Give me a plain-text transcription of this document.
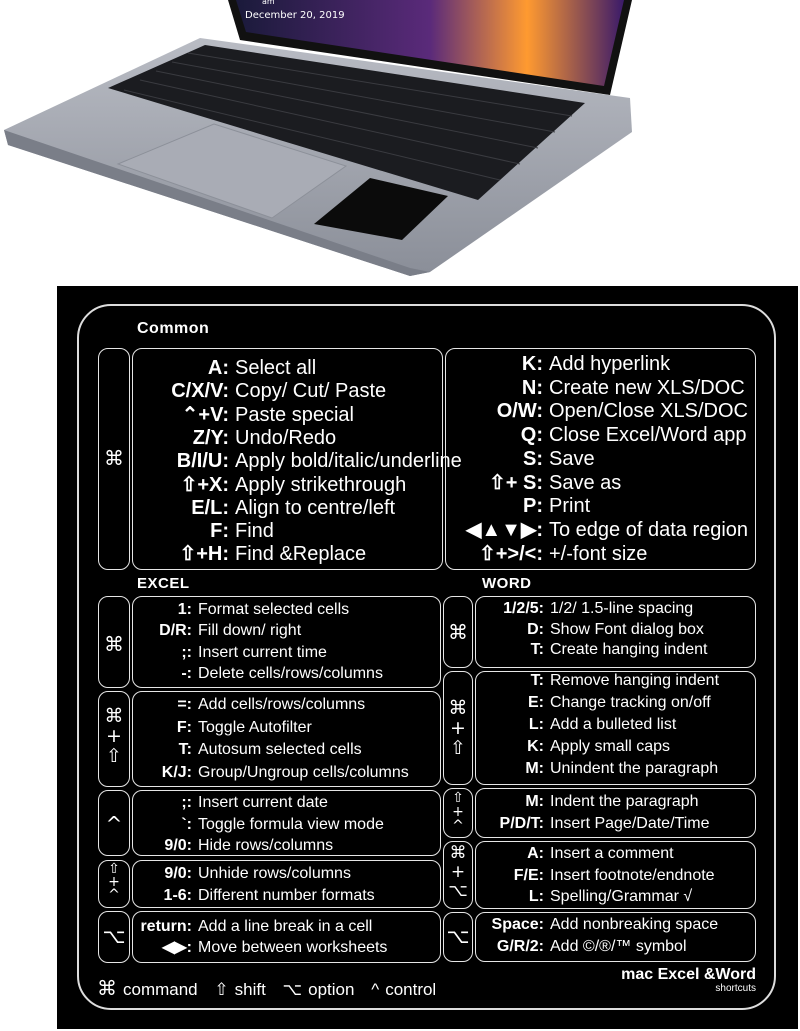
am
December 20, 2019
Common
EXCEL	WORD
⌘
⌘
⌘
+
⇧
^
⇧
+
^
⌥
⌘
⌘
+
⇧
⇧
+
^
⌘
+
⌥
⌥
⌘ command ⇧ shift ⌥ option ^ control
mac Excel &Word
shortcuts
A: Select all
C/X/V: Copy/ Cut/ Paste
⌃+V: Paste special
Z/Y: Undo/Redo
B/I/U: Apply bold/italic/underline
⇧+X: Apply strikethrough
E/L: Align to centre/left
F: Find
⇧+H: Find &Replace
K: Add hyperlink
N: Create new XLS/DOC
O/W: Open/Close XLS/DOC
Q: Close Excel/Word app
S: Save
⇧+ S: Save as
P: Print
◀▲▼▶: To edge of data region
⇧+>/<: +/-font size
1: Format selected cells
D/R: Fill down/ right
;: Insert current time
-: Delete cells/rows/columns
=: Add cells/rows/columns
F: Toggle Autofilter
T: Autosum selected cells
K/J: Group/Ungroup cells/columns
;: Insert current date
`: Toggle formula view mode
9/0: Hide rows/columns
9/0: Unhide rows/columns
1-6: Different number formats
return: Add a line break in a cell
◀▶: Move between worksheets
1/2/5: 1/2/ 1.5-line spacing
D: Show Font dialog box
T: Create hanging indent
T: Remove hanging indent
E: Change tracking on/off
L: Add a bulleted list
K: Apply small caps
M: Unindent the paragraph
M: Indent the paragraph
P/D/T: Insert Page/Date/Time
A: Insert a comment
F/E: Insert footnote/endnote
L: Spelling/Grammar √
Space: Add nonbreaking space
G/R/2: Add ©/®/™ symbol
